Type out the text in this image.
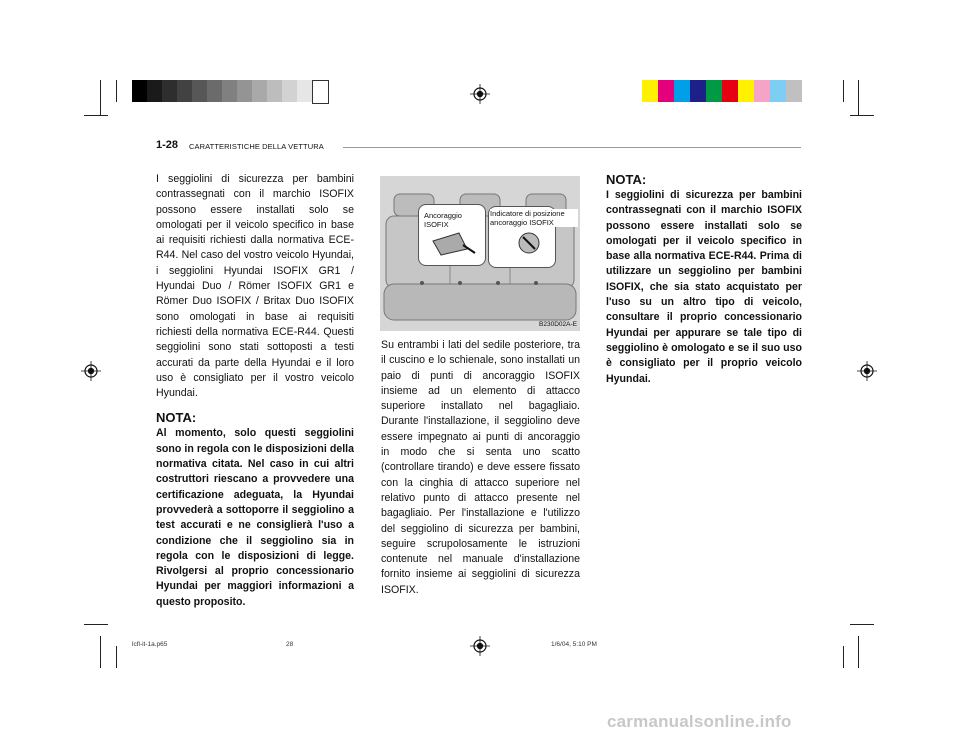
1-28 CARATTERISTICHE DELLA VETTURA

I seggiolini di sicurezza per bambini contrassegnati con il marchio ISOFIX possono essere installati solo se omologati per il veicolo specifico in base ai requisiti richiesti dalla normativa ECE-R44. Nel caso del vostro veicolo Hyundai, i seggiolini Hyundai ISOFIX GR1 / Hyundai Duo / Römer ISOFIX GR1 e Römer Duo ISOFIX / Britax Duo ISOFIX sono omologati in base ai requisiti richiesti della normativa ECE-R44. Questi seggiolini sono stati sottoposti a testi accurati da parte della Hyundai e il loro uso è consigliato per il vostro veicolo Hyundai.

NOTA:

Al momento, solo questi seggiolini sono in regola con le disposizioni della normativa citata. Nel caso in cui altri costruttori riescano a provvedere una certificazione adeguata, la Hyundai provvederà a sottoporre il seggiolino a test accurati e ne consiglierà l'uso a condizione che il seggiolino sia in regola con le disposizioni di legge. Rivolgersi al proprio concessionario Hyundai per maggiori informazioni a questo proposito.

Ancoraggio ISOFIX
Indicatore di posizione ancoraggio ISOFIX
B230D02A-E

Su entrambi i lati del sedile posteriore, tra il cuscino e lo schienale, sono installati un paio di punti di ancoraggio ISOFIX insieme ad un elemento di attacco superiore installato nel bagagliaio. Durante l'installazione, il seggiolino deve essere impegnato ai punti di ancoraggio in modo che si senta uno scatto (controllare tirando) e deve essere fissato con la cinghia di attacco superiore nel relativo punto di attacco presente nel bagagliaio. Per l'installazione e l'utilizzo del seggiolino di sicurezza per bambini, seguire scrupolosamente le istruzioni contenute nel manuale d'installazione fornito insieme ai seggiolini di sicurezza ISOFIX.

NOTA:

I seggiolini di sicurezza per bambini contrassegnati con il marchio ISOFIX possono essere installati solo se omologati per il veicolo specifico in base alla normativa ECE-R44. Prima di utilizzare un seggiolino per bambini ISOFIX, che sia stato acquistato per l'uso su un altro tipo di veicolo, consultare il proprio concessionario Hyundai per appurare se tale tipo di seggiolino è omologato e se il suo uso è consigliato per il proprio veicolo Hyundai.

lcfl-it-1a.p65	28	1/6/04, 5:10 PM
carmanualsonline.info
